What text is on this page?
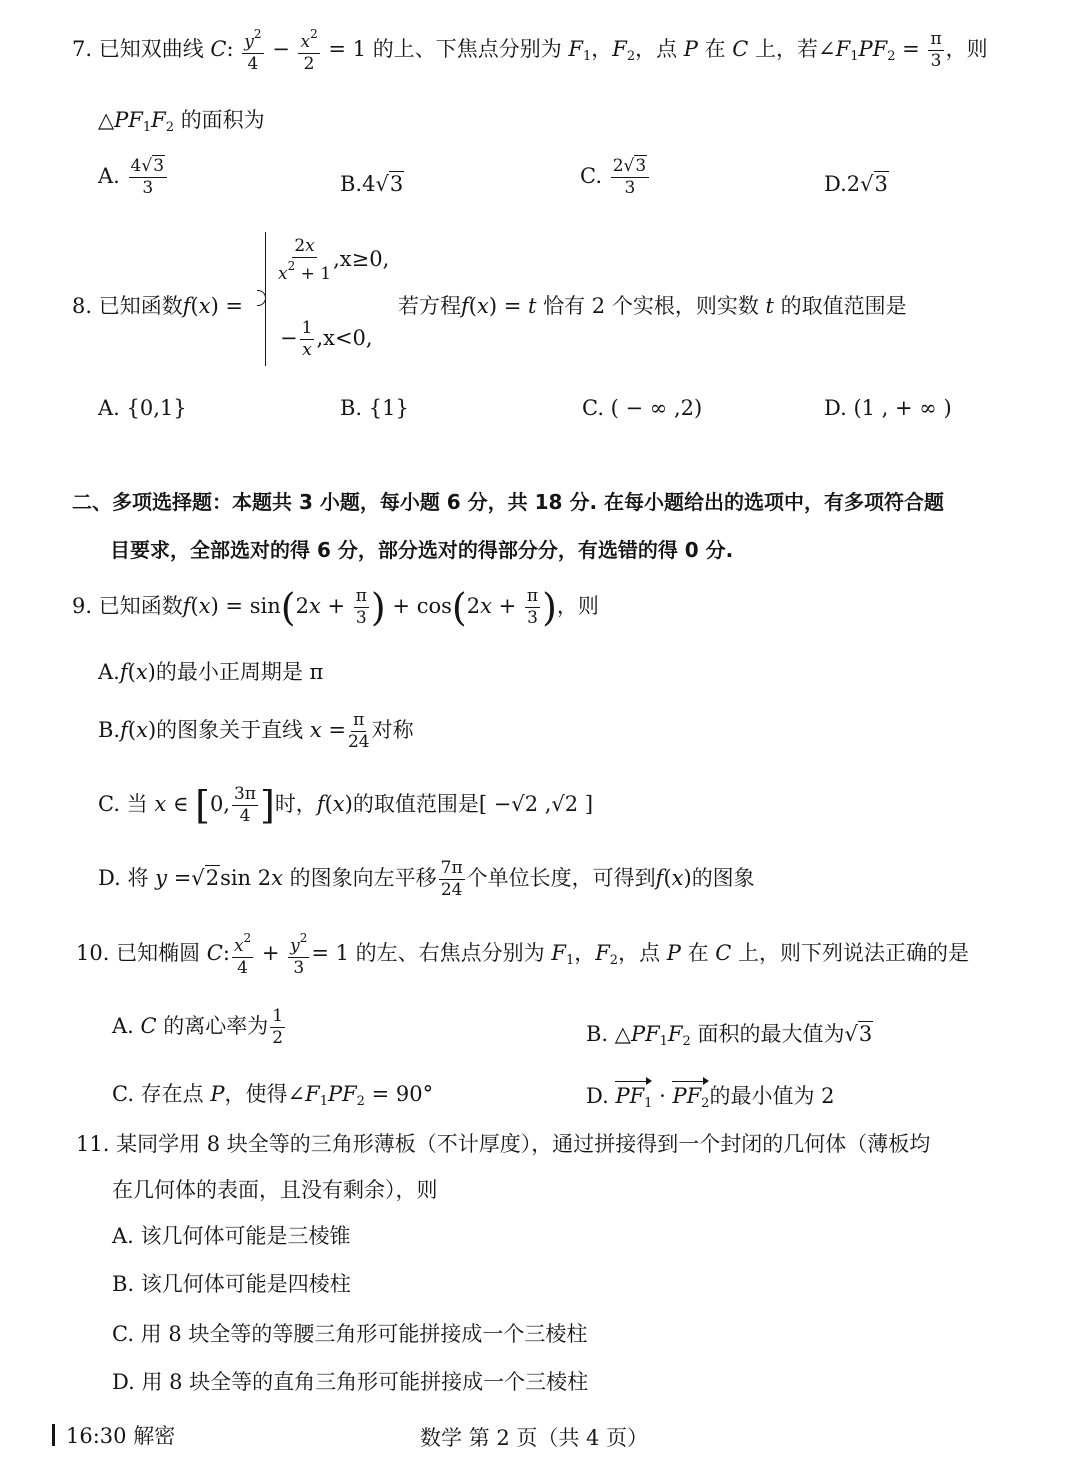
7. 已知双曲线 C: $\frac{y^2}{4} - \frac{x^2}{2} = 1$ 的上、下焦点分别为 $F_1$，$F_2$，点 P 在 C 上，若$\angle F_1PF_2 = \frac{\pi}{3}$ ，则
$\triangle PF_1F_2$ 的面积为
A. $\frac{4√3}{3}$	B.4√3	C. $\frac{2√3}{3}$	D.2√3
8. 已知函数f(x) =
$\frac{2x}{x^2 + 1} ,x\ge 0$,
− $\frac{1}{x} ,x<0$,
若方程f(x) = t 恰有 2 个实根，则实数 t 的取值范围是
A. {0,1}	B. {1}	C. ( − ∞ ,2)	D. (1 , + ∞ )
二、多项选择题：本题共 3 小题，每小题 6 分，共 18 分. 在每小题给出的选项中，有多项符合题
目要求，全部选对的得 6 分，部分选对的得部分分，有选错的得 0 分.
9. 已知函数$f(x) = \sin(2x + \frac{\pi}{3}$ ) + $\cos(2x + \frac{\pi}{3}$ )，则
A.f(x)的最小正周期是 π
B.f(x)的图象关于直线 $x = \frac{\pi}{24}$ 对称
C. 当 x ∈ [0, $\frac{3\pi}{4}$ ]时，f(x)的取值范围是[ −√2 ,√2 ]
D. 将 y =√2sin 2x 的图象向左平移 $\frac{7\pi}{24}$ 个单位长度，可得到f(x)的图象
10. 已知椭圆 C: $\frac{x^2}{4} + \frac{y^2}{3} = 1$ 的左、右焦点分别为 $F_1$，$F_2$，点 P 在 C 上，则下列说法正确的是
A. C 的离心率为 $\frac{1}{2}$	B. $\triangle PF_1F_2$ 面积的最大值为√3
C. 存在点 P，使得$\angle F_1PF_2 = 90^\circ$	D. $PF_1 \cdot PF_2$的最小值为 2
11. 某同学用 8 块全等的三角形薄板（不计厚度），通过拼接得到一个封闭的几何体（薄板均
在几何体的表面，且没有剩余），则
A. 该几何体可能是三棱锥
B. 该几何体可能是四棱柱
C. 用 8 块全等的等腰三角形可能拼接成一个三棱柱
D. 用 8 块全等的直角三角形可能拼接成一个三棱柱
16:30 解密	数学 第 2 页（共 4 页）
